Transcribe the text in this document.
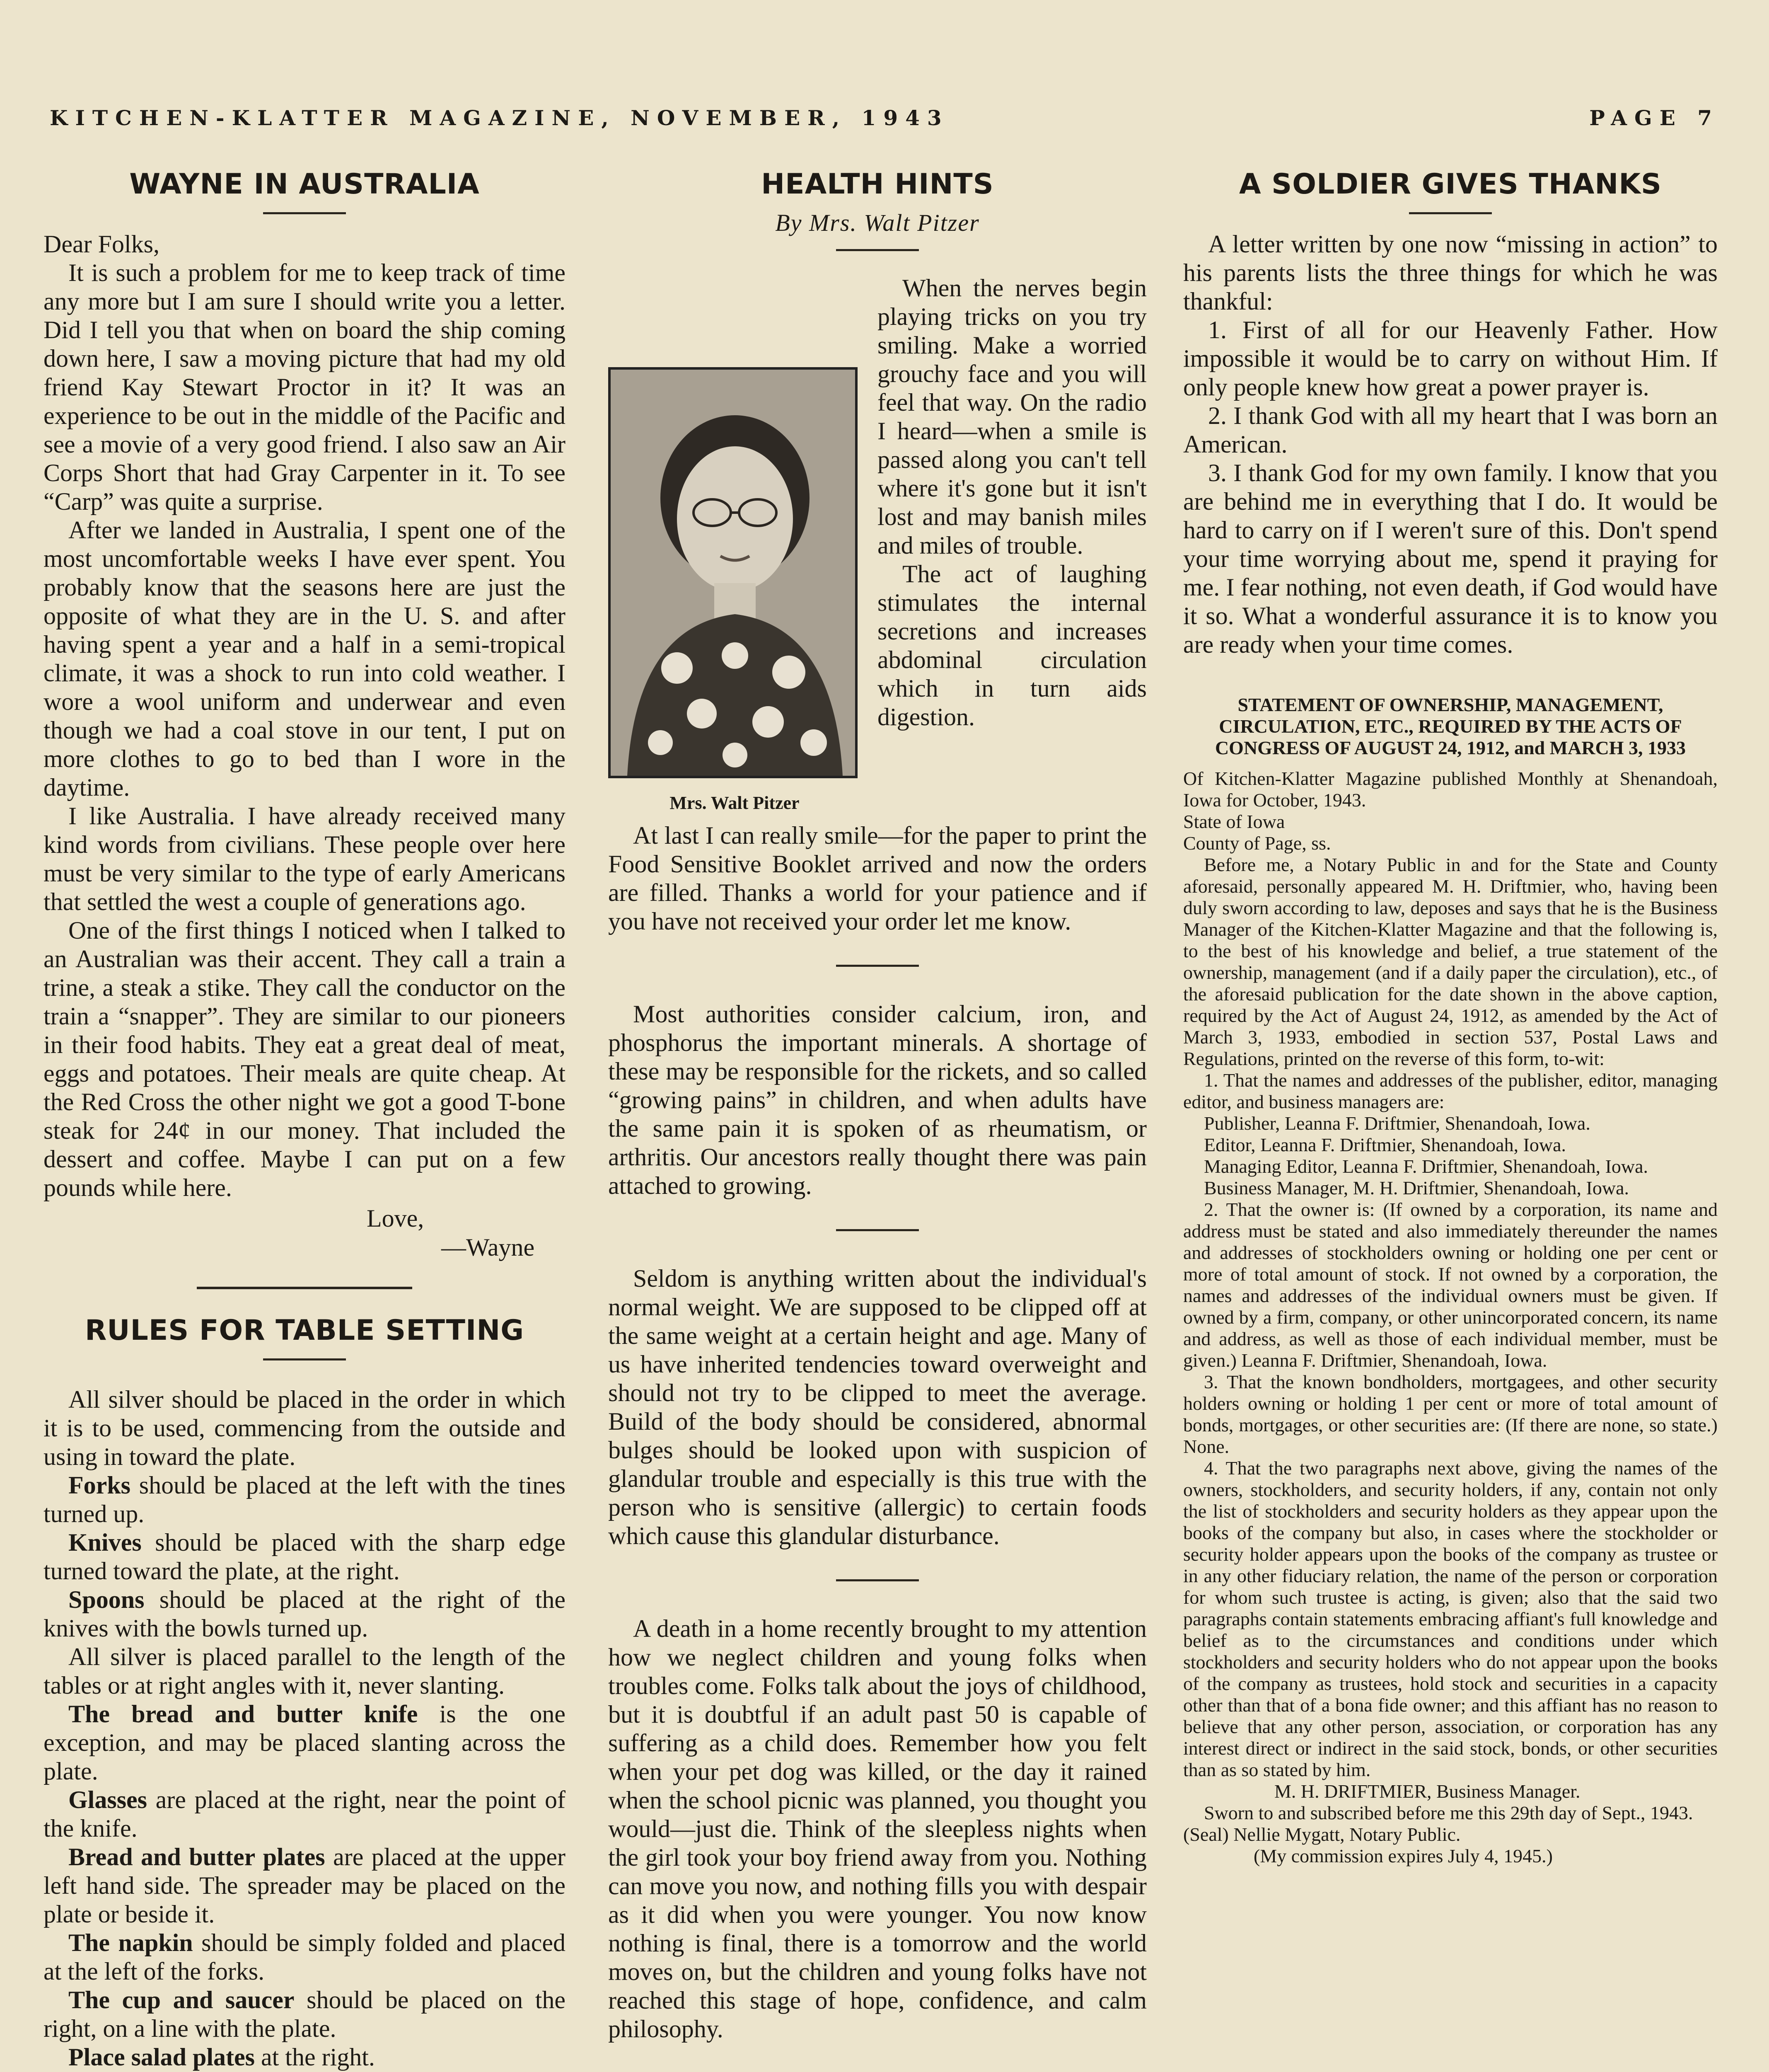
KITCHEN-KLATTER MAGAZINE, NOVEMBER, 1943	PAGE 7
WAYNE IN AUSTRALIA

Dear Folks,

It is such a problem for me to keep track of time any more but I am sure I should write you a letter. Did I tell you that when on board the ship coming down here, I saw a moving picture that had my old friend Kay Stewart Proctor in it? It was an experience to be out in the middle of the Pacific and see a movie of a very good friend. I also saw an Air Corps Short that had Gray Carpenter in it. To see “Carp” was quite a surprise.

After we landed in Australia, I spent one of the most uncomfortable weeks I have ever spent. You probably know that the seasons here are just the opposite of what they are in the U. S. and after having spent a year and a half in a semi-tropical climate, it was a shock to run into cold weather. I wore a wool uniform and underwear and even though we had a coal stove in our tent, I put on more clothes to go to bed than I wore in the daytime.

I like Australia. I have already received many kind words from civilians. These people over here must be very similar to the type of early Americans that settled the west a couple of generations ago.

One of the first things I noticed when I talked to an Australian was their accent. They call a train a trine, a steak a stike. They call the conductor on the train a “snapper”. They are similar to our pioneers in their food habits. They eat a great deal of meat, eggs and potatoes. Their meals are quite cheap. At the Red Cross the other night we got a good T-bone steak for 24¢ in our money. That included the dessert and coffee. Maybe I can put on a few pounds while here.

Love,
—Wayne
RULES FOR TABLE SETTING

All silver should be placed in the order in which it is to be used, commencing from the outside and using in toward the plate.

Forks should be placed at the left with the tines turned up.

Knives should be placed with the sharp edge turned toward the plate, at the right.

Spoons should be placed at the right of the knives with the bowls turned up.

All silver is placed parallel to the length of the tables or at right angles with it, never slanting.

The bread and butter knife is the one exception, and may be placed slanting across the plate.

Glasses are placed at the right, near the point of the knife.

Bread and butter plates are placed at the upper left hand side. The spreader may be placed on the plate or beside it.

The napkin should be simply folded and placed at the left of the forks.

The cup and saucer should be placed on the right, on a line with the plate.

Place salad plates at the right.

HEALTH HINTS
By Mrs. Walt Pitzer
Mrs. Walt Pitzer

When the nerves begin playing tricks on you try smiling. Make a worried grouchy face and you will feel that way. On the radio I heard—when a smile is passed along you can't tell where it's gone but it isn't lost and may banish miles and miles of trouble.

The act of laughing stimulates the internal secretions and increases abdominal circulation which in turn aids digestion.

At last I can really smile—for the paper to print the Food Sensitive Booklet arrived and now the orders are filled. Thanks a world for your patience and if you have not received your order let me know.

Most authorities consider calcium, iron, and phosphorus the important minerals. A shortage of these may be responsible for the rickets, and so called “growing pains” in children, and when adults have the same pain it is spoken of as rheumatism, or arthritis. Our ancestors really thought there was pain attached to growing.

Seldom is anything written about the individual's normal weight. We are supposed to be clipped off at the same weight at a certain height and age. Many of us have inherited tendencies toward overweight and should not try to be clipped to meet the average. Build of the body should be considered, abnormal bulges should be looked upon with suspicion of glandular trouble and especially is this true with the person who is sensitive (allergic) to certain foods which cause this glandular disturbance.

A death in a home recently brought to my attention how we neglect children and young folks when troubles come. Folks talk about the joys of childhood, but it is doubtful if an adult past 50 is capable of suffering as a child does. Remember how you felt when your pet dog was killed, or the day it rained when the school picnic was planned, you thought you would—just die. Think of the sleepless nights when the girl took your boy friend away from you. Nothing can move you now, and nothing fills you with despair as it did when you were younger. You now know nothing is final, there is a tomorrow and the world moves on, but the children and young folks have not reached this stage of hope, confidence, and calm philosophy.

A SOLDIER GIVES THANKS

A letter written by one now “missing in action” to his parents lists the three things for which he was thankful:

1. First of all for our Heavenly Father. How impossible it would be to carry on without Him. If only people knew how great a power prayer is.

2. I thank God with all my heart that I was born an American.

3. I thank God for my own family. I know that you are behind me in everything that I do. It would be hard to carry on if I weren't sure of this. Don't spend your time worrying about me, spend it praying for me. I fear nothing, not even death, if God would have it so. What a wonderful assurance it is to know you are ready when your time comes.

STATEMENT OF OWNERSHIP, MANAGEMENT, CIRCULATION, ETC., REQUIRED BY THE ACTS OF CONGRESS OF AUGUST 24, 1912, and MARCH 3, 1933

Of Kitchen-Klatter Magazine published Monthly at Shenandoah, Iowa for October, 1943.

State of Iowa

County of Page, ss.

Before me, a Notary Public in and for the State and County aforesaid, personally appeared M. H. Driftmier, who, having been duly sworn according to law, deposes and says that he is the Business Manager of the Kitchen-Klatter Magazine and that the following is, to the best of his knowledge and belief, a true statement of the ownership, management (and if a daily paper the circulation), etc., of the aforesaid publication for the date shown in the above caption, required by the Act of August 24, 1912, as amended by the Act of March 3, 1933, embodied in section 537, Postal Laws and Regulations, printed on the reverse of this form, to-wit:

1. That the names and addresses of the publisher, editor, managing editor, and business managers are:

Publisher, Leanna F. Driftmier, Shenandoah, Iowa.

Editor, Leanna F. Driftmier, Shenandoah, Iowa.

Managing Editor, Leanna F. Driftmier, Shenandoah, Iowa.

Business Manager, M. H. Driftmier, Shenandoah, Iowa.

2. That the owner is: (If owned by a corporation, its name and address must be stated and also immediately thereunder the names and addresses of stockholders owning or holding one per cent or more of total amount of stock. If not owned by a corporation, the names and addresses of the individual owners must be given. If owned by a firm, company, or other unincorporated concern, its name and address, as well as those of each individual member, must be given.) Leanna F. Driftmier, Shenandoah, Iowa.

3. That the known bondholders, mortgagees, and other security holders owning or holding 1 per cent or more of total amount of bonds, mortgages, or other securities are: (If there are none, so state.) None.

4. That the two paragraphs next above, giving the names of the owners, stockholders, and security holders, if any, contain not only the list of stockholders and security holders as they appear upon the books of the company but also, in cases where the stockholder or security holder appears upon the books of the company as trustee or in any other fiduciary relation, the name of the person or corporation for whom such trustee is acting, is given; also that the said two paragraphs contain statements embracing affiant's full knowledge and belief as to the circumstances and conditions under which stockholders and security holders who do not appear upon the books of the company as trustees, hold stock and securities in a capacity other than that of a bona fide owner; and this affiant has no reason to believe that any other person, association, or corporation has any interest direct or indirect in the said stock, bonds, or other securities than as so stated by him.

M. H. DRIFTMIER, Business Manager.

Sworn to and subscribed before me this 29th day of Sept., 1943.

(Seal) Nellie Mygatt, Notary Public.

(My commission expires July 4, 1945.)
